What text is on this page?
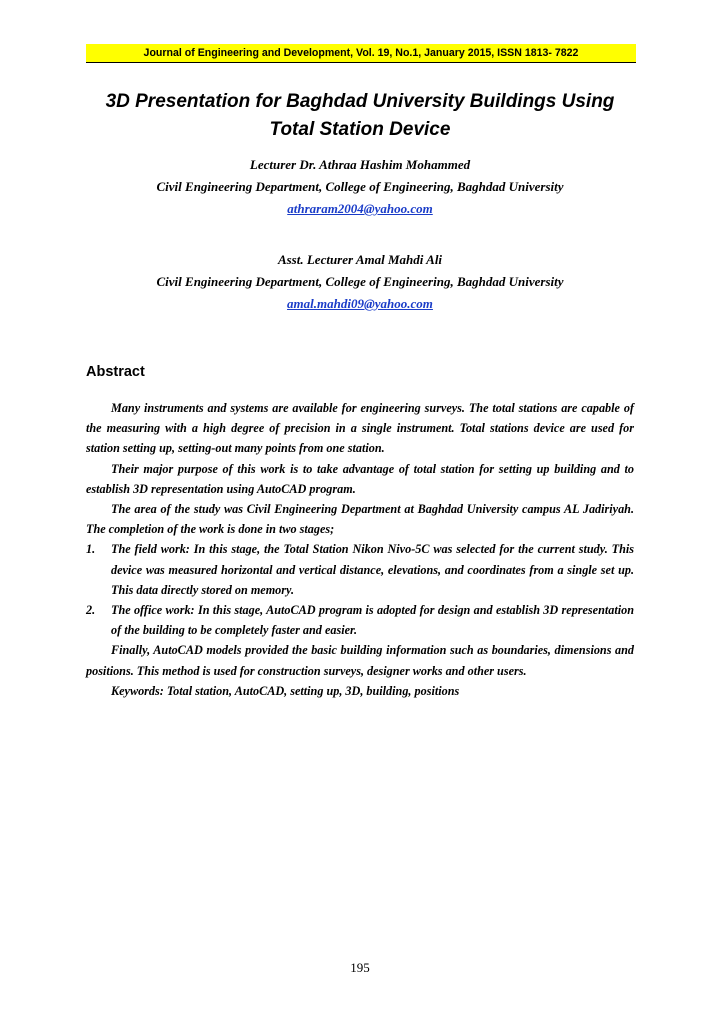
Journal of Engineering and Development, Vol. 19, No.1, January 2015, ISSN 1813- 7822
3D Presentation for Baghdad University Buildings Using
Total Station Device
Lecturer Dr. Athraa Hashim Mohammed
Civil Engineering Department, College of Engineering, Baghdad University
athraram2004@yahoo.com
Asst. Lecturer Amal Mahdi Ali
Civil Engineering Department, College of Engineering, Baghdad University
amal.mahdi09@yahoo.com
Abstract

Many instruments and systems are available for engineering surveys. The total stations are capable of the measuring with a high degree of precision in a single instrument. Total stations device are used for station setting up, setting-out many points from one station.

Their major purpose of this work is to take advantage of total station for setting up building and to establish 3D representation using AutoCAD program.

The area of the study was Civil Engineering Department at Baghdad University campus AL Jadiriyah. The completion of the work is done in two stages;

1.	The field work: In this stage, the Total Station Nikon Nivo-5C was selected for the current study. This device was measured horizontal and vertical distance, elevations, and coordinates from a single set up. This data directly stored on memory.

2.	The office work: In this stage, AutoCAD program is adopted for design and establish 3D representation of the building to be completely faster and easier.

Finally, AutoCAD models provided the basic building information such as boundaries, dimensions and positions. This method is used for construction surveys, designer works and other users.

Keywords: Total station, AutoCAD, setting up, 3D, building, positions

195
